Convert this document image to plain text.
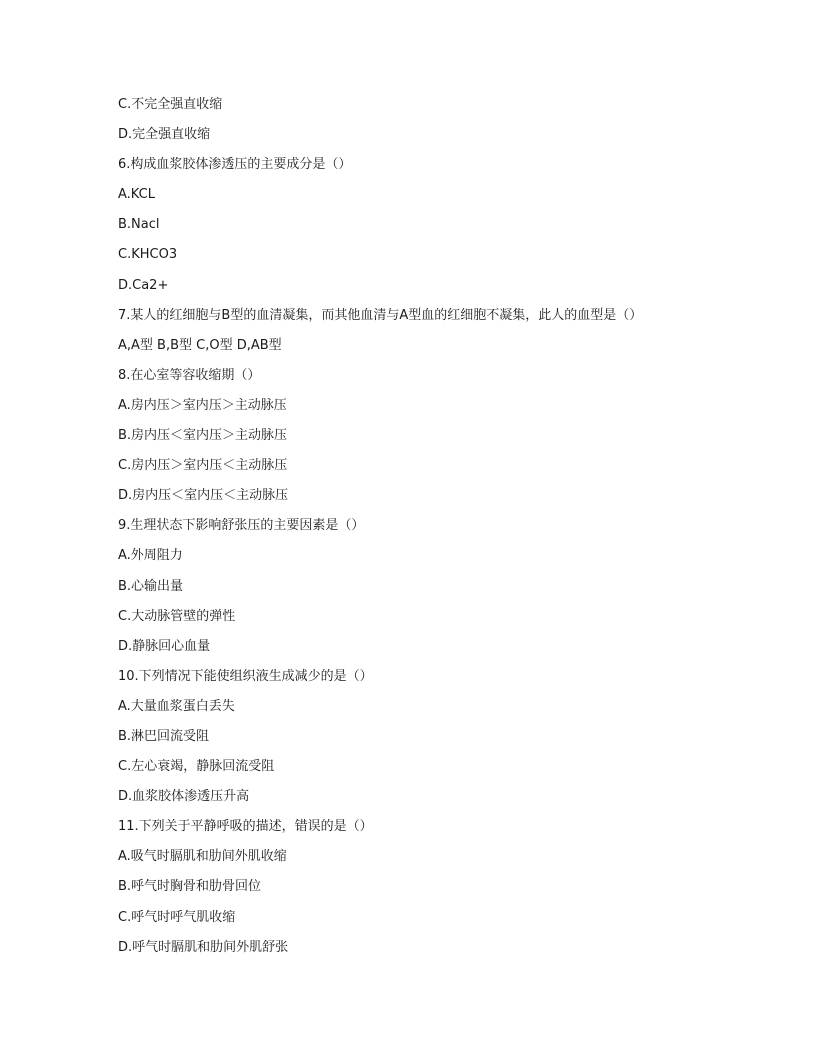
C.不完全强直收缩
D.完全强直收缩
6.构成血浆胶体渗透压的主要成分是（）
A.KCL
B.Nacl
C.KHCO3
D.Ca2+
7.某人的红细胞与B型的血清凝集，而其他血清与A型血的红细胞不凝集，此人的血型是（）
A,A型 B,B型 C,O型 D,AB型
8.在心室等容收缩期（）
A.房内压＞室内压＞主动脉压
B.房内压＜室内压＞主动脉压
C.房内压＞室内压＜主动脉压
D.房内压＜室内压＜主动脉压
9.生理状态下影响舒张压的主要因素是（）
A.外周阻力
B.心输出量
C.大动脉管壁的弹性
D.静脉回心血量
10.下列情况下能使组织液生成减少的是（）
A.大量血浆蛋白丢失
B.淋巴回流受阻
C.左心衰竭，静脉回流受阻
D.血浆胶体渗透压升高
11.下列关于平静呼吸的描述，错误的是（）
A.吸气时膈肌和肋间外肌收缩
B.呼气时胸骨和肋骨回位
C.呼气时呼气肌收缩
D.呼气时膈肌和肋间外肌舒张
